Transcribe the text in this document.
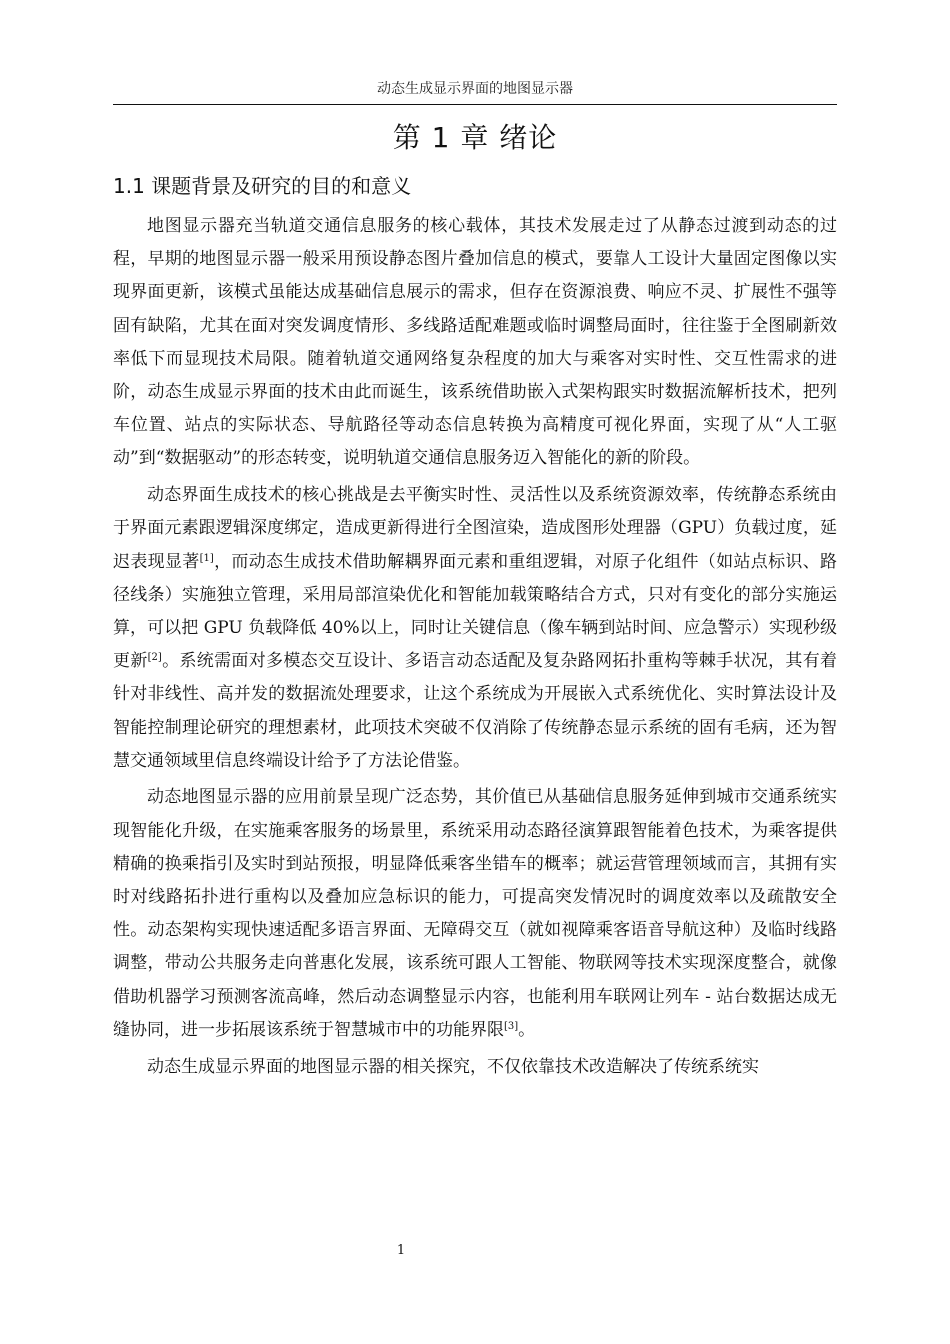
动态生成显示界面的地图显示器
第 1 章 绪论
1.1 课题背景及研究的目的和意义

地图显示器充当轨道交通信息服务的核心载体，其技术发展走过了从静态过渡到动态的过程，早期的地图显示器一般采用预设静态图片叠加信息的模式，要靠人工设计大量固定图像以实现界面更新，该模式虽能达成基础信息展示的需求，但存在资源浪费、响应不灵、扩展性不强等固有缺陷，尤其在面对突发调度情形、多线路适配难题或临时调整局面时，往往鉴于全图刷新效率低下而显现技术局限。随着轨道交通网络复杂程度的加大与乘客对实时性、交互性需求的进阶，动态生成显示界面的技术由此而诞生，该系统借助嵌入式架构跟实时数据流解析技术，把列车位置、站点的实际状态、导航路径等动态信息转换为高精度可视化界面，实现了从“人工驱动”到“数据驱动”的形态转变，说明轨道交通信息服务迈入智能化的新的阶段。

动态界面生成技术的核心挑战是去平衡实时性、灵活性以及系统资源效率，传统静态系统由于界面元素跟逻辑深度绑定，造成更新得进行全图渲染，造成图形处理器（GPU）负载过度，延迟表现显著[1]，而动态生成技术借助解耦界面元素和重组逻辑，对原子化组件（如站点标识、路径线条）实施独立管理，采用局部渲染优化和智能加载策略结合方式，只对有变化的部分实施运算，可以把 GPU 负载降低 40%以上，同时让关键信息（像车辆到站时间、应急警示）实现秒级更新[2]。系统需面对多模态交互设计、多语言动态适配及复杂路网拓扑重构等棘手状况，其有着针对非线性、高并发的数据流处理要求，让这个系统成为开展嵌入式系统优化、实时算法设计及智能控制理论研究的理想素材，此项技术突破不仅消除了传统静态显示系统的固有毛病，还为智慧交通领域里信息终端设计给予了方法论借鉴。

动态地图显示器的应用前景呈现广泛态势，其价值已从基础信息服务延伸到城市交通系统实现智能化升级，在实施乘客服务的场景里，系统采用动态路径演算跟智能着色技术，为乘客提供精确的换乘指引及实时到站预报，明显降低乘客坐错车的概率；就运营管理领域而言，其拥有实时对线路拓扑进行重构以及叠加应急标识的能力，可提高突发情况时的调度效率以及疏散安全性。动态架构实现快速适配多语言界面、无障碍交互（就如视障乘客语音导航这种）及临时线路调整，带动公共服务走向普惠化发展，该系统可跟人工智能、物联网等技术实现深度整合，就像借助机器学习预测客流高峰，然后动态调整显示内容，也能利用车联网让列车 - 站台数据达成无缝协同，进一步拓展该系统于智慧城市中的功能界限[3]。

动态生成显示界面的地图显示器的相关探究，不仅依靠技术改造解决了传统系统实

1
